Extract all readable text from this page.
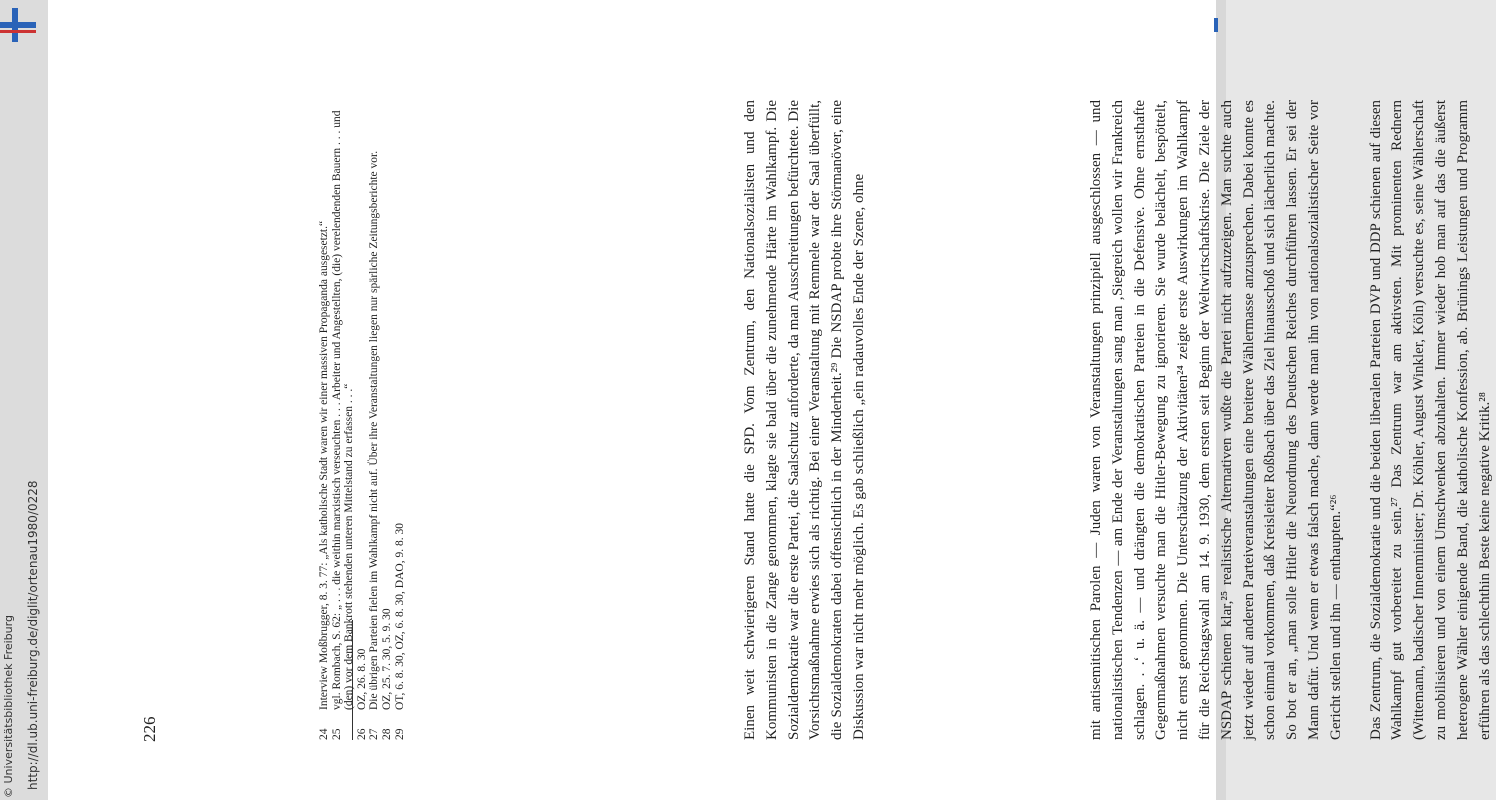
mit antisemitischen Parolen — Juden waren von Veranstaltungen prinzipiell ausgeschlossen — und nationalistischen Tendenzen — am Ende der Veranstaltungen sang man ‚Siegreich wollen wir Frankreich schlagen. . .‘ u. ä. — und drängten die demokratischen Parteien in die Defensive. Ohne ernsthafte Gegenmaßnahmen versuchte man die Hitler-Bewegung zu ignorieren. Sie wurde belächelt, bespöttelt, nicht ernst genommen. Die Unterschätzung der Aktivitäten²⁴ zeigte erste Auswirkungen im Wahlkampf für die Reichstagswahl am 14. 9. 1930, dem ersten seit Beginn der Weltwirtschaftskrise. Die Ziele der NSDAP schienen klar,²⁵ realistische Alternativen wußte die Partei nicht aufzuzeigen. Man suchte auch jetzt wieder auf anderen Parteiveranstaltungen eine breitere Wählermasse anzusprechen. Dabei konnte es schon einmal vorkommen, daß Kreisleiter Roßbach über das Ziel hinausschoß und sich lächerlich machte. So bot er an, „man solle Hitler die Neuordnung des Deutschen Reiches durchführen lassen. Er sei der Mann dafür. Und wenn er etwas falsch mache, dann werde man ihn von nationalsozialistischer Seite vor Gericht stellen und ihn — enthaupten.“²⁶ Das Zentrum, die Sozialdemokratie und die beiden liberalen Parteien DVP und DDP schienen auf diesen Wahlkampf gut vorbereitet zu sein.²⁷ Das Zentrum war am aktivsten. Mit prominenten Rednern (Wittemann, badischer Innenminister; Dr. Köhler, August Winkler, Köln) versuchte es, seine Wählerschaft zu mobilisieren und von einem Umschwenken abzuhalten. Immer wieder hob man auf das die äußerst heterogene Wähler einigende Band, die katholische Konfession, ab. Brünings Leistungen und Programm erführen als das schlechthin Beste keine negative Kritik.²⁸

Einen weit schwierigeren Stand hatte die SPD. Vom Zentrum, den Nationalsozialisten und den Kommunisten in die Zange genommen, klagte sie bald über die zunehmende Härte im Wahlkampf. Die Sozialdemokratie war die erste Partei, die Saalschutz anforderte, da man Ausschreitungen befürchtete. Die Vorsichtsmaßnahme erwies sich als richtig. Bei einer Veranstaltung mit Remmele war der Saal überfüllt, die Sozialdemokraten dabei offensichtlich in der Minderheit.²⁹ Die NSDAP probte ihre Störmanöver, eine Diskussion war nicht mehr möglich. Es gab schließlich „ein radauvolles Ende der Szene, ohne

24
Interview Moßbrugger, 8. 3. 77: „Als katholische Stadt waren wir einer massiven Propaganda ausgesetzt.“
25
vgl. Rombach, S. 62: „ . . . die weithin marxistisch verseuchten . . . Arbeiter und Angestellten, (die) verelendenden Bauern . . . und (den) vor dem Bankrott stehenden unteren Mittelstand zu erfassen . . .“
26
OZ, 26. 8. 30
27
Die übrigen Parteien fielen im Wahlkampf nicht auf. Über ihre Veranstaltungen liegen nur spärliche Zeitungsberichte vor.
28
OZ, 25. 7. 30, 5. 9. 30
29
OT, 6. 8. 30, OZ, 6. 8. 30, DAO, 9. 8. 30
226
http://dl.ub.uni-freiburg.de/diglit/ortenau1980/0228
© Universitätsbibliothek Freiburg
